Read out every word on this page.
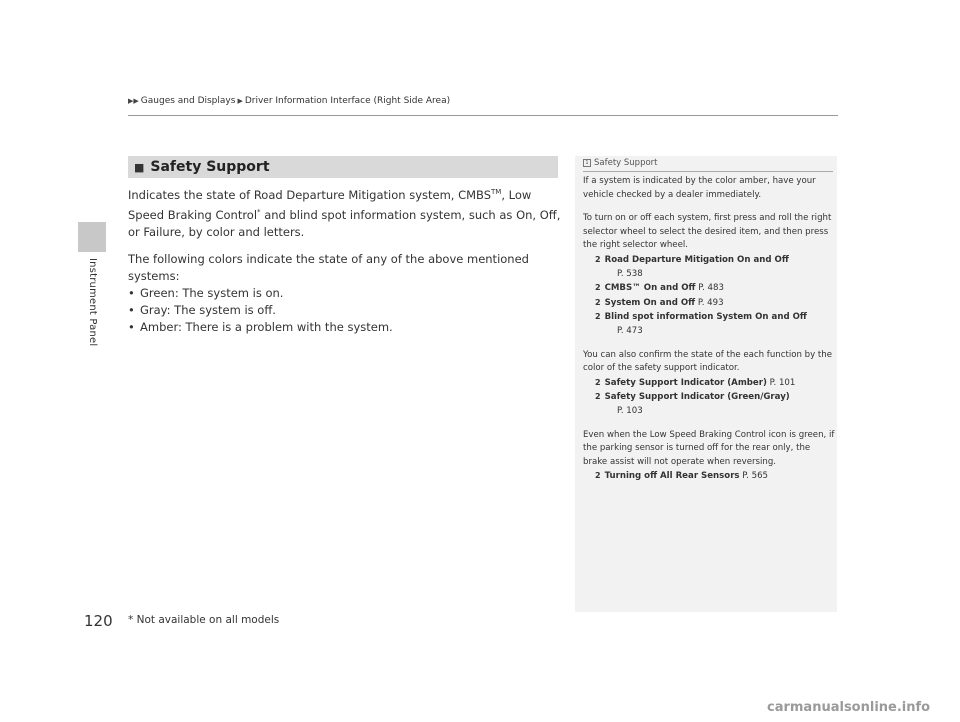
Instrument Panel
▶▶ Gauges and Displays ▶ Driver Information Interface (Right Side Area)
■ Safety Support

Indicates the state of Road Departure Mitigation system, CMBS™, Low Speed Braking Control* and blind spot information system, such as On, Off, or Failure, by color and letters.

The following colors indicate the state of any of the above mentioned systems:

• Green: The system is on.
• Gray: The system is off.
• Amber: There is a problem with the system.
1 Safety Support

If a system is indicated by the color amber, have your vehicle checked by a dealer immediately.

To turn on or off each system, first press and roll the right selector wheel to select the desired item, and then press the right selector wheel.
2 Road Departure Mitigation On and Off
P. 538
2 CMBS™ On and Off P. 483
2 System On and Off P. 493
2 Blind spot information System On and Off
P. 473
You can also confirm the state of the each function by the color of the safety support indicator.
2 Safety Support Indicator (Amber) P. 101
2 Safety Support Indicator (Green/Gray)
P. 103
Even when the Low Speed Braking Control icon is green, if the parking sensor is turned off for the rear only, the brake assist will not operate when reversing.
2 Turning off All Rear Sensors P. 565
120 * Not available on all models
carmanualsonline.info
